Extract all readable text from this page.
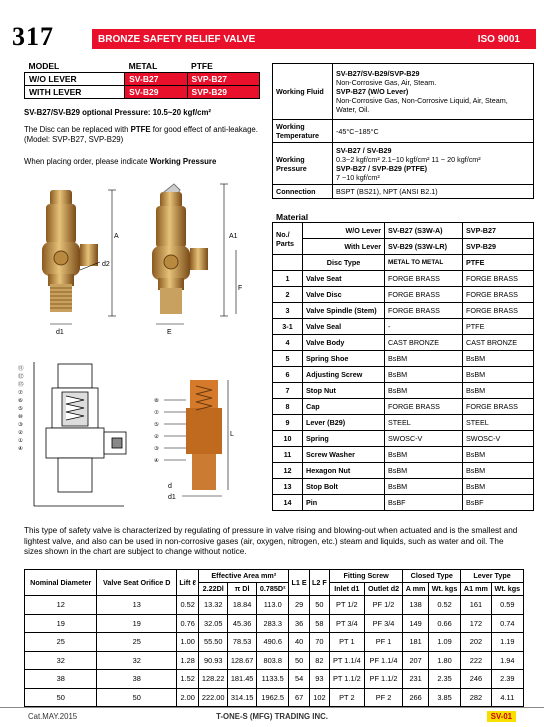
317	BRONZE SAFETY RELIEF VALVE	ISO 9001
MODEL	METAL	PTFE
W/O LEVER	SV-B27	SVP-B27
WITH LEVER	SV-B29	SVP-B29
SV-B27/SV-B29 optional Pressure: 10.5~20 kgf/cm²
The Disc can be replaced with PTFE for good effect of anti-leakage. (Model: SVP-B27, SVP-B29)
When placing order, please indicate Working Pressure
Working Fluid	SV-B27/SV-B29/SVP-B29
Non-Corrosive Gas, Air, Steam.
SVP-B27 (W/O Lever)
Non-Corrosive Gas, Non-Corrosive Liquid, Air, Steam, Water, Oil.

Working Temperature	-45°C~185°C
Working Pressure	SV-B27 / SV-B29
0.3~2 kgf/cm² 2.1~10 kgf/cm² 11 ~ 20 kgf/cm²
SVP-B27 / SVP-B29 (PTFE)
7 ~10 kgf/cm²

Connection	BSPT (BS21), NPT (ANSI B2.1)
Material
No./ Parts	W/O Lever	SV-B27 (S3W-A)	SVP-B27
	With Lever	SV-B29 (S3W-LR)	SVP-B29
	Disc Type	METAL TO METAL	PTFE
1	Valve Seat	FORGE BRASS	FORGE BRASS
2	Valve Disc	FORGE BRASS	FORGE BRASS
3	Valve Spindle (Stem)	FORGE BRASS	FORGE BRASS
3-1	Valve Seal	-	PTFE
4	Valve Body	CAST BRONZE	CAST BRONZE
5	Spring Shoe	BsBM	BsBM
6	Adjusting Screw	BsBM	BsBM
7	Stop Nut	BsBM	BsBM
8	Cap	FORGE BRASS	FORGE BRASS
9	Lever (B29)	STEEL	STEEL
10	Spring	SWOSC-V	SWOSC-V
11	Screw Washer	BsBM	BsBM
12	Hexagon Nut	BsBM	BsBM
13	Stop Bolt	BsBM	BsBM
14	Pin	BsBF	BsBF
A	A1
d2
d1	E
F
⑪
⑫
⑬
⑦
⑥
⑤
⑩
③
②
①
④
⑧
⑦
⑤
②
③
④
L
d
d1
This type of safety valve is characterized by regulating of pressure in valve rising and blowing-out when actuated and is the smallest and lightest valve, and also can be used in non-corrosive gases (air, oxygen, nitrogen, etc.) steam and liquids, such as water and oil. The sizes shown in the chart are subject to change without notice.
Nominal Diameter	Valve Seat Orifice D	Lift ℓ	Effective Area mm²			L1 E	L2 F	Fitting Screw		Closed Type		Lever Type	
			2.22Dl	π Dl	0.785D²			Inlet d1	Outlet d2	A mm	Wt. kgs	A1 mm	Wt. kgs
12	13	0.52	13.32	18.84	113.0	29	50	PT 1/2	PF 1/2	138	0.52	161	0.59
19	19	0.76	32.05	45.36	283.3	36	58	PT 3/4	PF 3/4	149	0.66	172	0.74
25	25	1.00	55.50	78.53	490.6	40	70	PT 1	PF 1	181	1.09	202	1.19
32	32	1.28	90.93	128.67	803.8	50	82	PT 1.1/4	PF 1.1/4	207	1.80	222	1.94
38	38	1.52	128.22	181.45	1133.5	54	93	PT 1.1/2	PF 1.1/2	231	2.35	246	2.39
50	50	2.00	222.00	314.15	1962.5	67	102	PT 2	PF 2	266	3.85	282	4.11
Cat.MAY.2015	T-ONE-S (MFG) TRADING INC.	SV-01
